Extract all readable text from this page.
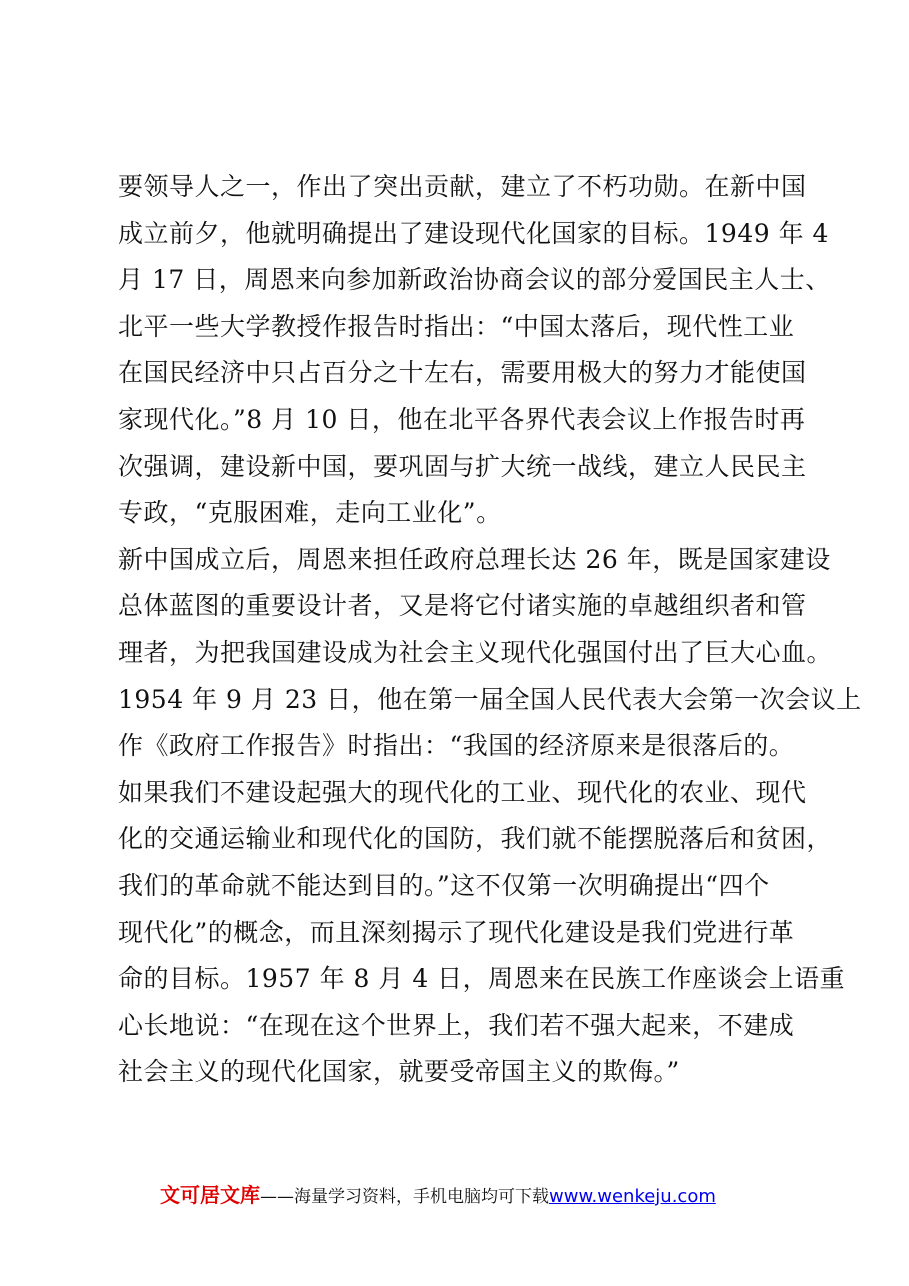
要领导人之一，作出了突出贡献，建立了不朽功勋。在新中国
成立前夕，他就明确提出了建设现代化国家的目标。1949 年 4
月 17 日，周恩来向参加新政治协商会议的部分爱国民主人士、
北平一些大学教授作报告时指出：“中国太落后，现代性工业
在国民经济中只占百分之十左右，需要用极大的努力才能使国
家现代化。”8 月 10 日，他在北平各界代表会议上作报告时再
次强调，建设新中国，要巩固与扩大统一战线，建立人民民主
专政，“克服困难，走向工业化”。
新中国成立后，周恩来担任政府总理长达 26 年，既是国家建设
总体蓝图的重要设计者，又是将它付诸实施的卓越组织者和管
理者，为把我国建设成为社会主义现代化强国付出了巨大心血。
1954 年 9 月 23 日，他在第一届全国人民代表大会第一次会议上
作《政府工作报告》时指出：“我国的经济原来是很落后的。
如果我们不建设起强大的现代化的工业、现代化的农业、现代
化的交通运输业和现代化的国防，我们就不能摆脱落后和贫困，
我们的革命就不能达到目的。”这不仅第一次明确提出“四个
现代化”的概念，而且深刻揭示了现代化建设是我们党进行革
命的目标。1957 年 8 月 4 日，周恩来在民族工作座谈会上语重
心长地说：“在现在这个世界上，我们若不强大起来，不建成
社会主义的现代化国家，就要受帝国主义的欺侮。”
文可居文库——海量学习资料，手机电脑均可下载www.wenkeju.com
